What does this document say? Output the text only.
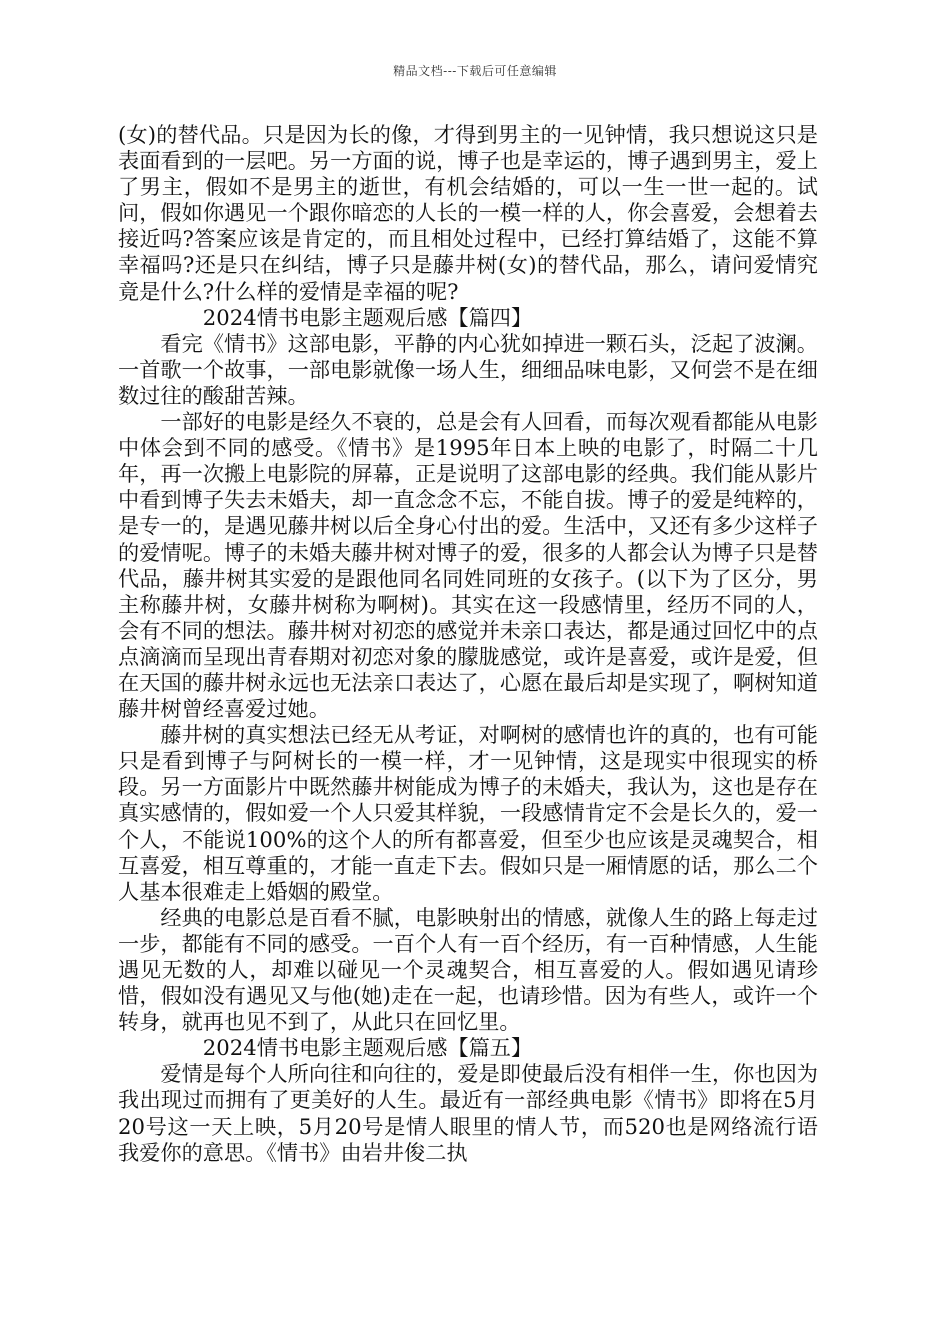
精品文档---下载后可任意编辑

(女)的替代品。只是因为长的像，才得到男主的一见钟情，我只想说这只是表面看到的一层吧。另一方面的说，博子也是幸运的，博子遇到男主，爱上了男主，假如不是男主的逝世，有机会结婚的，可以一生一世一起的。试问，假如你遇见一个跟你暗恋的人长的一模一样的人，你会喜爱，会想着去接近吗?答案应该是肯定的，而且相处过程中，已经打算结婚了，这能不算幸福吗?还是只在纠结，博子只是藤井树(女)的替代品，那么，请问爱情究竟是什么?什么样的爱情是幸福的呢?

2024情书电影主题观后感【篇四】

看完《情书》这部电影，平静的内心犹如掉进一颗石头，泛起了波澜。一首歌一个故事，一部电影就像一场人生，细细品味电影，又何尝不是在细数过往的酸甜苦辣。

一部好的电影是经久不衰的，总是会有人回看，而每次观看都能从电影中体会到不同的感受。《情书》是1995年日本上映的电影了，时隔二十几年，再一次搬上电影院的屏幕，正是说明了这部电影的经典。我们能从影片中看到博子失去未婚夫，却一直念念不忘，不能自拔。博子的爱是纯粹的，是专一的，是遇见藤井树以后全身心付出的爱。生活中，又还有多少这样子的爱情呢。博子的未婚夫藤井树对博子的爱，很多的人都会认为博子只是替代品，藤井树其实爱的是跟他同名同姓同班的女孩子。(以下为了区分，男主称藤井树，女藤井树称为啊树)。其实在这一段感情里，经历不同的人，会有不同的想法。藤井树对初恋的感觉并未亲口表达，都是通过回忆中的点点滴滴而呈现出青春期对初恋对象的朦胧感觉，或许是喜爱，或许是爱，但在天国的藤井树永远也无法亲口表达了，心愿在最后却是实现了，啊树知道藤井树曾经喜爱过她。

藤井树的真实想法已经无从考证，对啊树的感情也许的真的，也有可能只是看到博子与阿树长的一模一样，才一见钟情，这是现实中很现实的桥段。另一方面影片中既然藤井树能成为博子的未婚夫，我认为，这也是存在真实感情的，假如爱一个人只爱其样貌，一段感情肯定不会是长久的，爱一个人，不能说100%的这个人的所有都喜爱，但至少也应该是灵魂契合，相互喜爱，相互尊重的，才能一直走下去。假如只是一厢情愿的话，那么二个人基本很难走上婚姻的殿堂。

经典的电影总是百看不腻，电影映射出的情感，就像人生的路上每走过一步，都能有不同的感受。一百个人有一百个经历，有一百种情感，人生能遇见无数的人，却难以碰见一个灵魂契合，相互喜爱的人。假如遇见请珍惜，假如没有遇见又与他(她)走在一起，也请珍惜。因为有些人，或许一个转身，就再也见不到了，从此只在回忆里。

2024情书电影主题观后感【篇五】

爱情是每个人所向往和向往的，爱是即使最后没有相伴一生，你也因为我出现过而拥有了更美好的人生。最近有一部经典电影《情书》即将在5月20号这一天上映，5月20号是情人眼里的情人节，而520也是网络流行语我爱你的意思。《情书》由岩井俊二执
